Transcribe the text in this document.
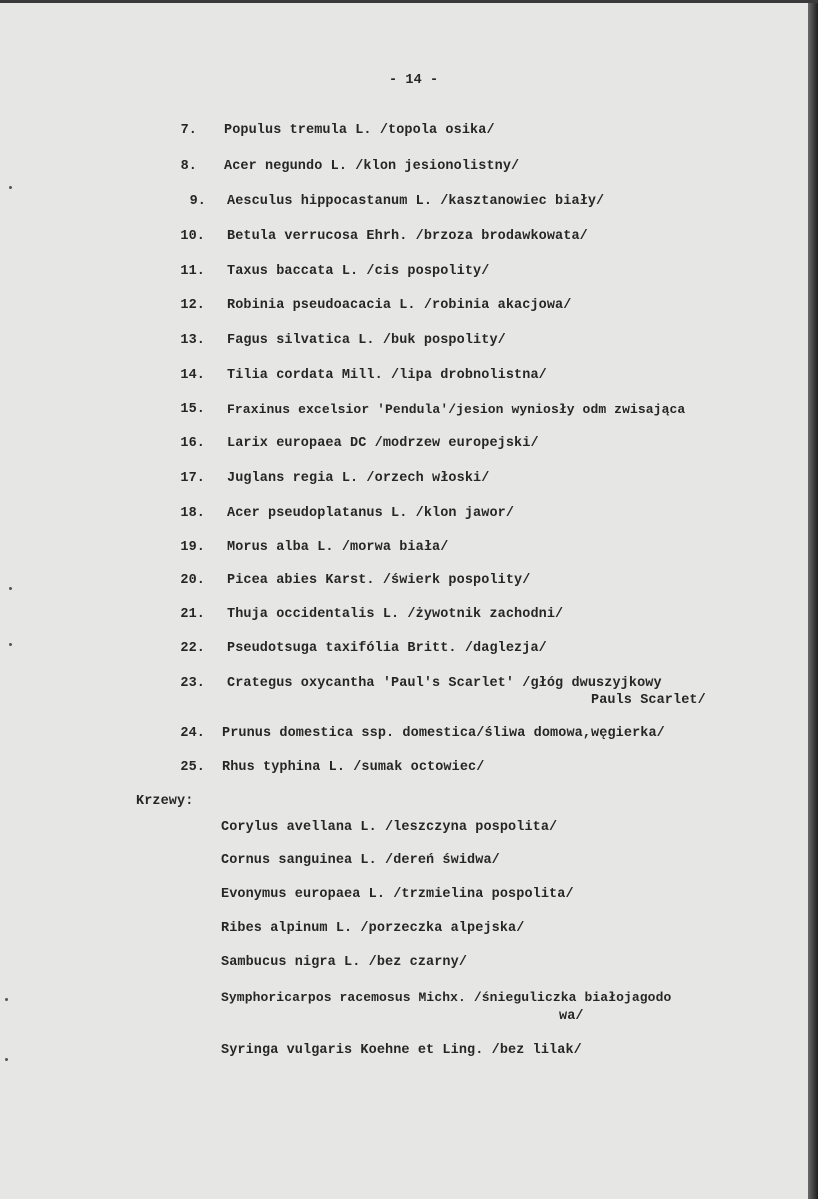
- 14 -
7. Populus tremula L. /topola osika/
8. Acer negundo L. /klon jesionolistny/
9. Aesculus hippocastanum L. /kasztanowiec biały/
10. Betula verrucosa Ehrh. /brzoza brodawkowata/
11. Taxus baccata L. /cis pospolity/
12. Robinia pseudoacacia L. /robinia akacjowa/
13. Fagus silvatica L. /buk pospolity/
14. Tilia cordata Mill. /lipa drobnolistna/
15. Fraxinus excelsior 'Pendula'/jesion wyniosły odm zwisająca
16. Larix europaea DC /modrzew europejski/
17. Juglans regia L. /orzech włoski/
18. Acer pseudoplatanus L. /klon jawor/
19. Morus alba L. /morwa biała/
20. Picea abies Karst. /świerk pospolity/
21. Thuja occidentalis L. /żywotnik zachodni/
22. Pseudotsuga taxifólia Britt. /daglezja/
23. Crategus oxycantha 'Paul's Scarlet' /głóg dwuszyjkowy
Pauls Scarlet/
24. Prunus domestica ssp. domestica/śliwa domowa,węgierka/
25. Rhus typhina L. /sumak octowiec/
Krzewy:
Corylus avellana L. /leszczyna pospolita/
Cornus sanguinea L. /dereń świdwa/
Evonymus europaea L. /trzmielina pospolita/
Ribes alpinum L. /porzeczka alpejska/
Sambucus nigra L. /bez czarny/
Symphoricarpos racemosus Michx. /śnieguliczka białojagodo
wa/
Syringa vulgaris Koehne et Ling. /bez lilak/
